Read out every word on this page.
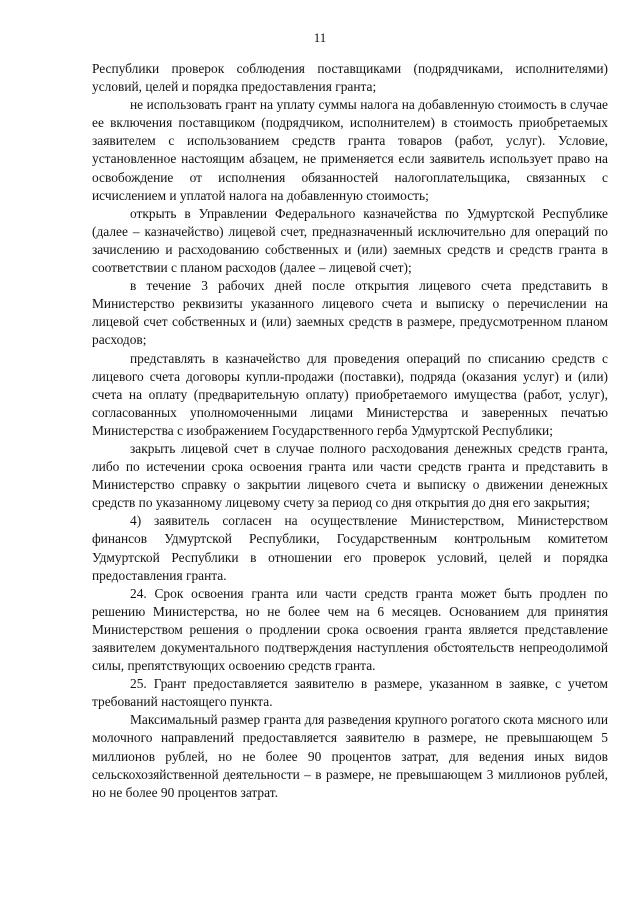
11

Республики проверок соблюдения поставщиками (подрядчиками, исполнителями) условий, целей и порядка предоставления гранта;

не использовать грант на уплату суммы налога на добавленную стоимость в случае ее включения поставщиком (подрядчиком, исполнителем) в стоимость приобретаемых заявителем с использованием средств гранта товаров (работ, услуг). Условие, установленное настоящим абзацем, не применяется если заявитель использует право на освобождение от исполнения обязанностей налогоплательщика, связанных с исчислением и уплатой налога на добавленную стоимость;

открыть в Управлении Федерального казначейства по Удмуртской Республике (далее – казначейство) лицевой счет, предназначенный исключительно для операций по зачислению и расходованию собственных и (или) заемных средств и средств гранта в соответствии с планом расходов (далее – лицевой счет);

в течение 3 рабочих дней после открытия лицевого счета представить в Министерство реквизиты указанного лицевого счета и выписку о перечислении на лицевой счет собственных и (или) заемных средств в размере, предусмотренном планом расходов;

представлять в казначейство для проведения операций по списанию средств с лицевого счета договоры купли-продажи (поставки), подряда (оказания услуг) и (или) счета на оплату (предварительную оплату) приобретаемого имущества (работ, услуг), согласованных уполномоченными лицами Министерства и заверенных печатью Министерства с изображением Государственного герба Удмуртской Республики;

закрыть лицевой счет в случае полного расходования денежных средств гранта, либо по истечении срока освоения гранта или части средств гранта и представить в Министерство справку о закрытии лицевого счета и выписку о движении денежных средств по указанному лицевому счету за период со дня открытия до дня его закрытия;

4) заявитель согласен на осуществление Министерством, Министерством финансов Удмуртской Республики, Государственным контрольным комитетом Удмуртской Республики в отношении его проверок условий, целей и порядка предоставления гранта.

24. Срок освоения гранта или части средств гранта может быть продлен по решению Министерства, но не более чем на 6 месяцев. Основанием для принятия Министерством решения о продлении срока освоения гранта является представление заявителем документального подтверждения наступления обстоятельств непреодолимой силы, препятствующих освоению средств гранта.

25. Грант предоставляется заявителю в размере, указанном в заявке, с учетом требований настоящего пункта.

Максимальный размер гранта для разведения крупного рогатого скота мясного или молочного направлений предоставляется заявителю в размере, не превышающем 5 миллионов рублей, но не более 90 процентов затрат, для ведения иных видов сельскохозяйственной деятельности – в размере, не превышающем 3 миллионов рублей, но не более 90 процентов затрат.
